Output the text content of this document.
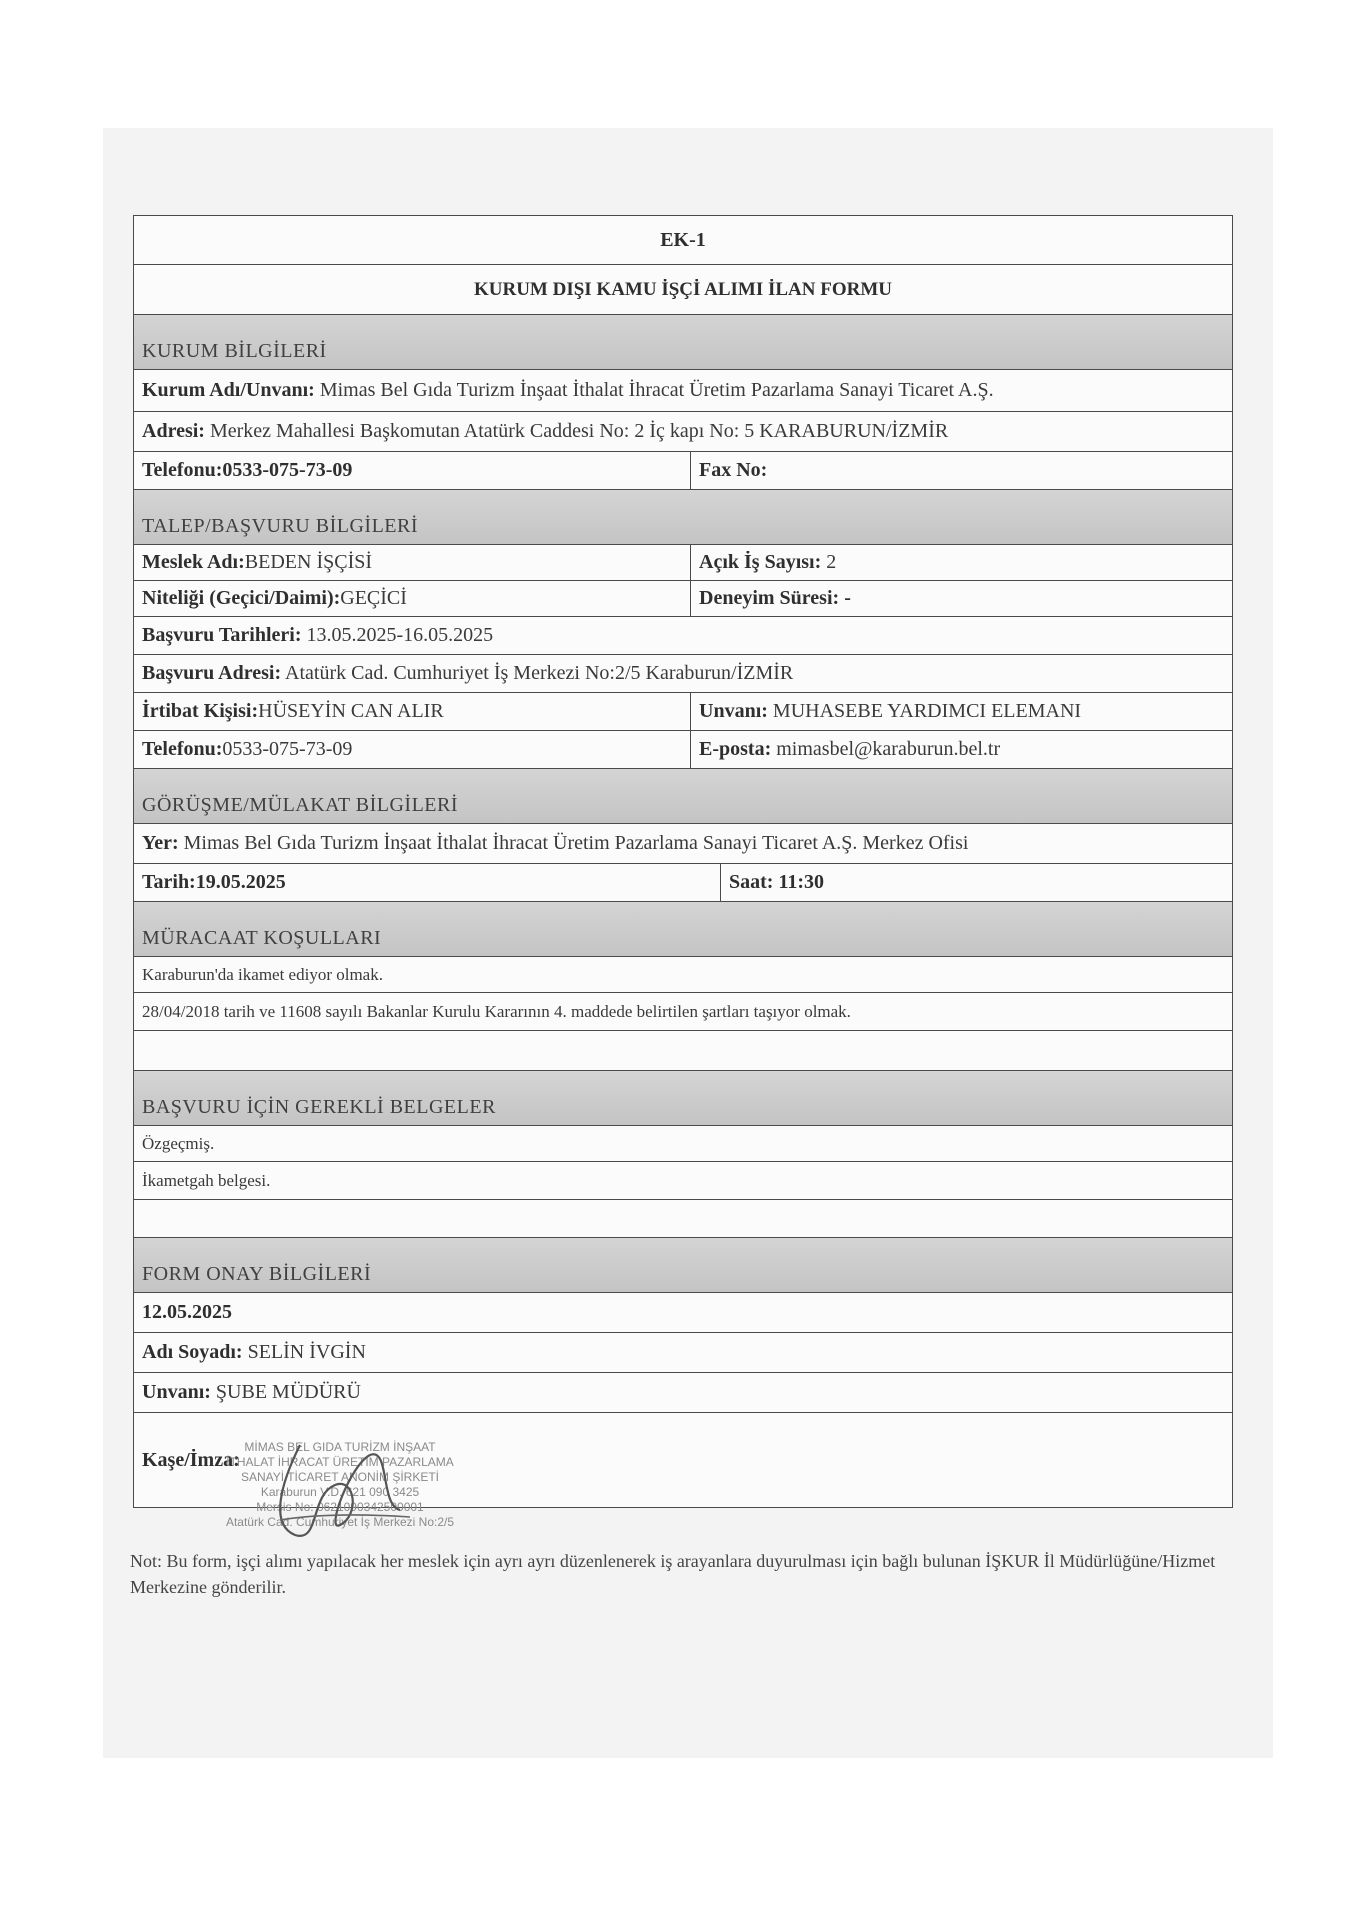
EK-1
KURUM DIŞI KAMU İŞÇİ ALIMI İLAN FORMU
KURUM BİLGİLERİ
Kurum Adı/Unvanı: Mimas Bel Gıda Turizm İnşaat İthalat İhracat Üretim Pazarlama Sanayi Ticaret A.Ş.
Adresi: Merkez Mahallesi Başkomutan Atatürk Caddesi No: 2 İç kapı No: 5 KARABURUN/İZMİR
Telefonu: 0533-075-73-09	Fax No:
TALEP/BAŞVURU BİLGİLERİ
Meslek Adı: BEDEN İŞÇİSİ	Açık İş Sayısı: 2
Niteliği (Geçici/Daimi): GEÇİCİ	Deneyim Süresi: -
Başvuru Tarihleri: 13.05.2025-16.05.2025
Başvuru Adresi: Atatürk Cad. Cumhuriyet İş Merkezi No:2/5 Karaburun/İZMİR
İrtibat Kişisi: HÜSEYİN CAN ALIR	Unvanı: MUHASEBE YARDIMCI ELEMANI
Telefonu: 0533-075-73-09	E-posta: mimasbel@karaburun.bel.tr
GÖRÜŞME/MÜLAKAT BİLGİLERİ
Yer: Mimas Bel Gıda Turizm İnşaat İthalat İhracat Üretim Pazarlama Sanayi Ticaret A.Ş. Merkez Ofisi
Tarih: 19.05.2025	Saat: 11:30
MÜRACAAT KOŞULLARI
Karaburun'da ikamet ediyor olmak.
28/04/2018 tarih ve 11608 sayılı Bakanlar Kurulu Kararının 4. maddede belirtilen şartları taşıyor olmak.
BAŞVURU İÇİN GEREKLİ BELGELER
Özgeçmiş.
İkametgah belgesi.
FORM ONAY BİLGİLERİ
12.05.2025
Adı Soyadı: SELİN İVGİN
Unvanı: ŞUBE MÜDÜRÜ
Kaşe/İmza:
MİMAS BEL GIDA TURİZM İNŞAAT
İTHALAT İHRACAT ÜRETİM PAZARLAMA
SANAYİ TİCARET ANONİM ŞİRKETİ
Karaburun V.D. 621 090 3425
Mersis No: 0621090342500001
Atatürk Cad. Cumhuriyet İş Merkezi No:2/5
Not: Bu form, işçi alımı yapılacak her meslek için ayrı ayrı düzenlenerek iş arayanlara duyurulması için bağlı bulunan İŞKUR İl Müdürlüğüne/Hizmet Merkezine gönderilir.
